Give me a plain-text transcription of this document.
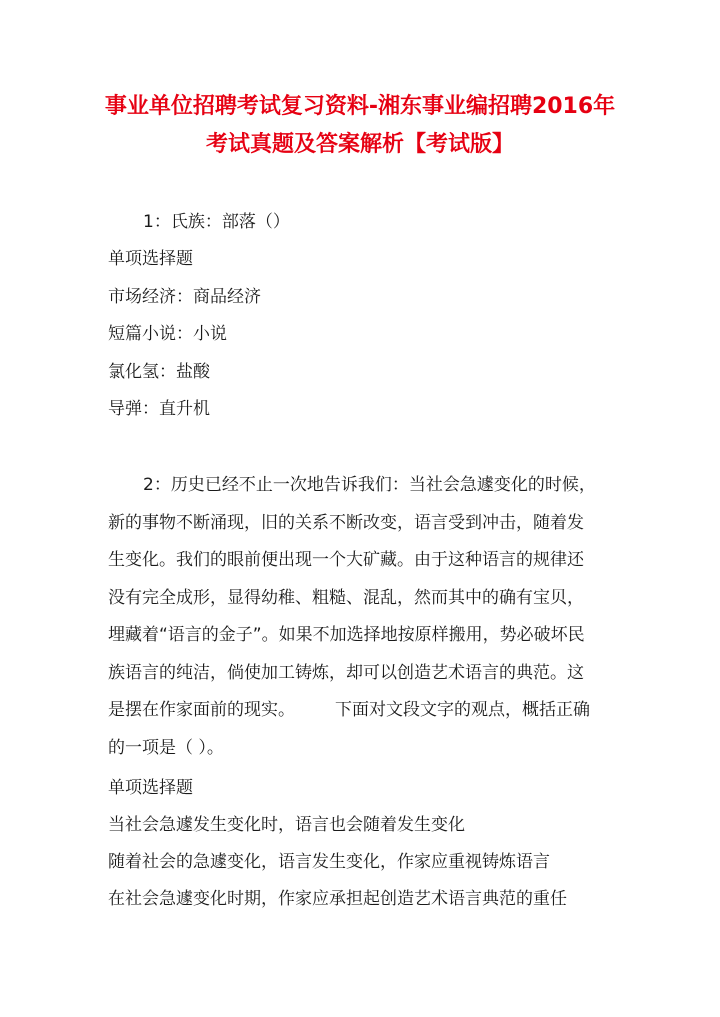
事业单位招聘考试复习资料-湘东事业编招聘2016年
考试真题及答案解析【考试版】
1：氏族：部落（）
单项选择题
市场经济：商品经济
短篇小说：小说
氯化氢：盐酸
导弹：直升机
2：历史已经不止一次地告诉我们：当社会急遽变化的时候，
新的事物不断涌现，旧的关系不断改变，语言受到冲击，随着发
生变化。我们的眼前便出现一个大矿藏。由于这种语言的规律还
没有完全成形，显得幼稚、粗糙、混乱，然而其中的确有宝贝，
埋藏着“语言的金子”。如果不加选择地按原样搬用，势必破坏民
族语言的纯洁，倘使加工铸炼，却可以创造艺术语言的典范。这
是摆在作家面前的现实。 下面对文段文字的观点，概括正确
的一项是（ ）。
单项选择题
当社会急遽发生变化时，语言也会随着发生变化
随着社会的急遽变化，语言发生变化，作家应重视铸炼语言
在社会急遽变化时期，作家应承担起创造艺术语言典范的重任
